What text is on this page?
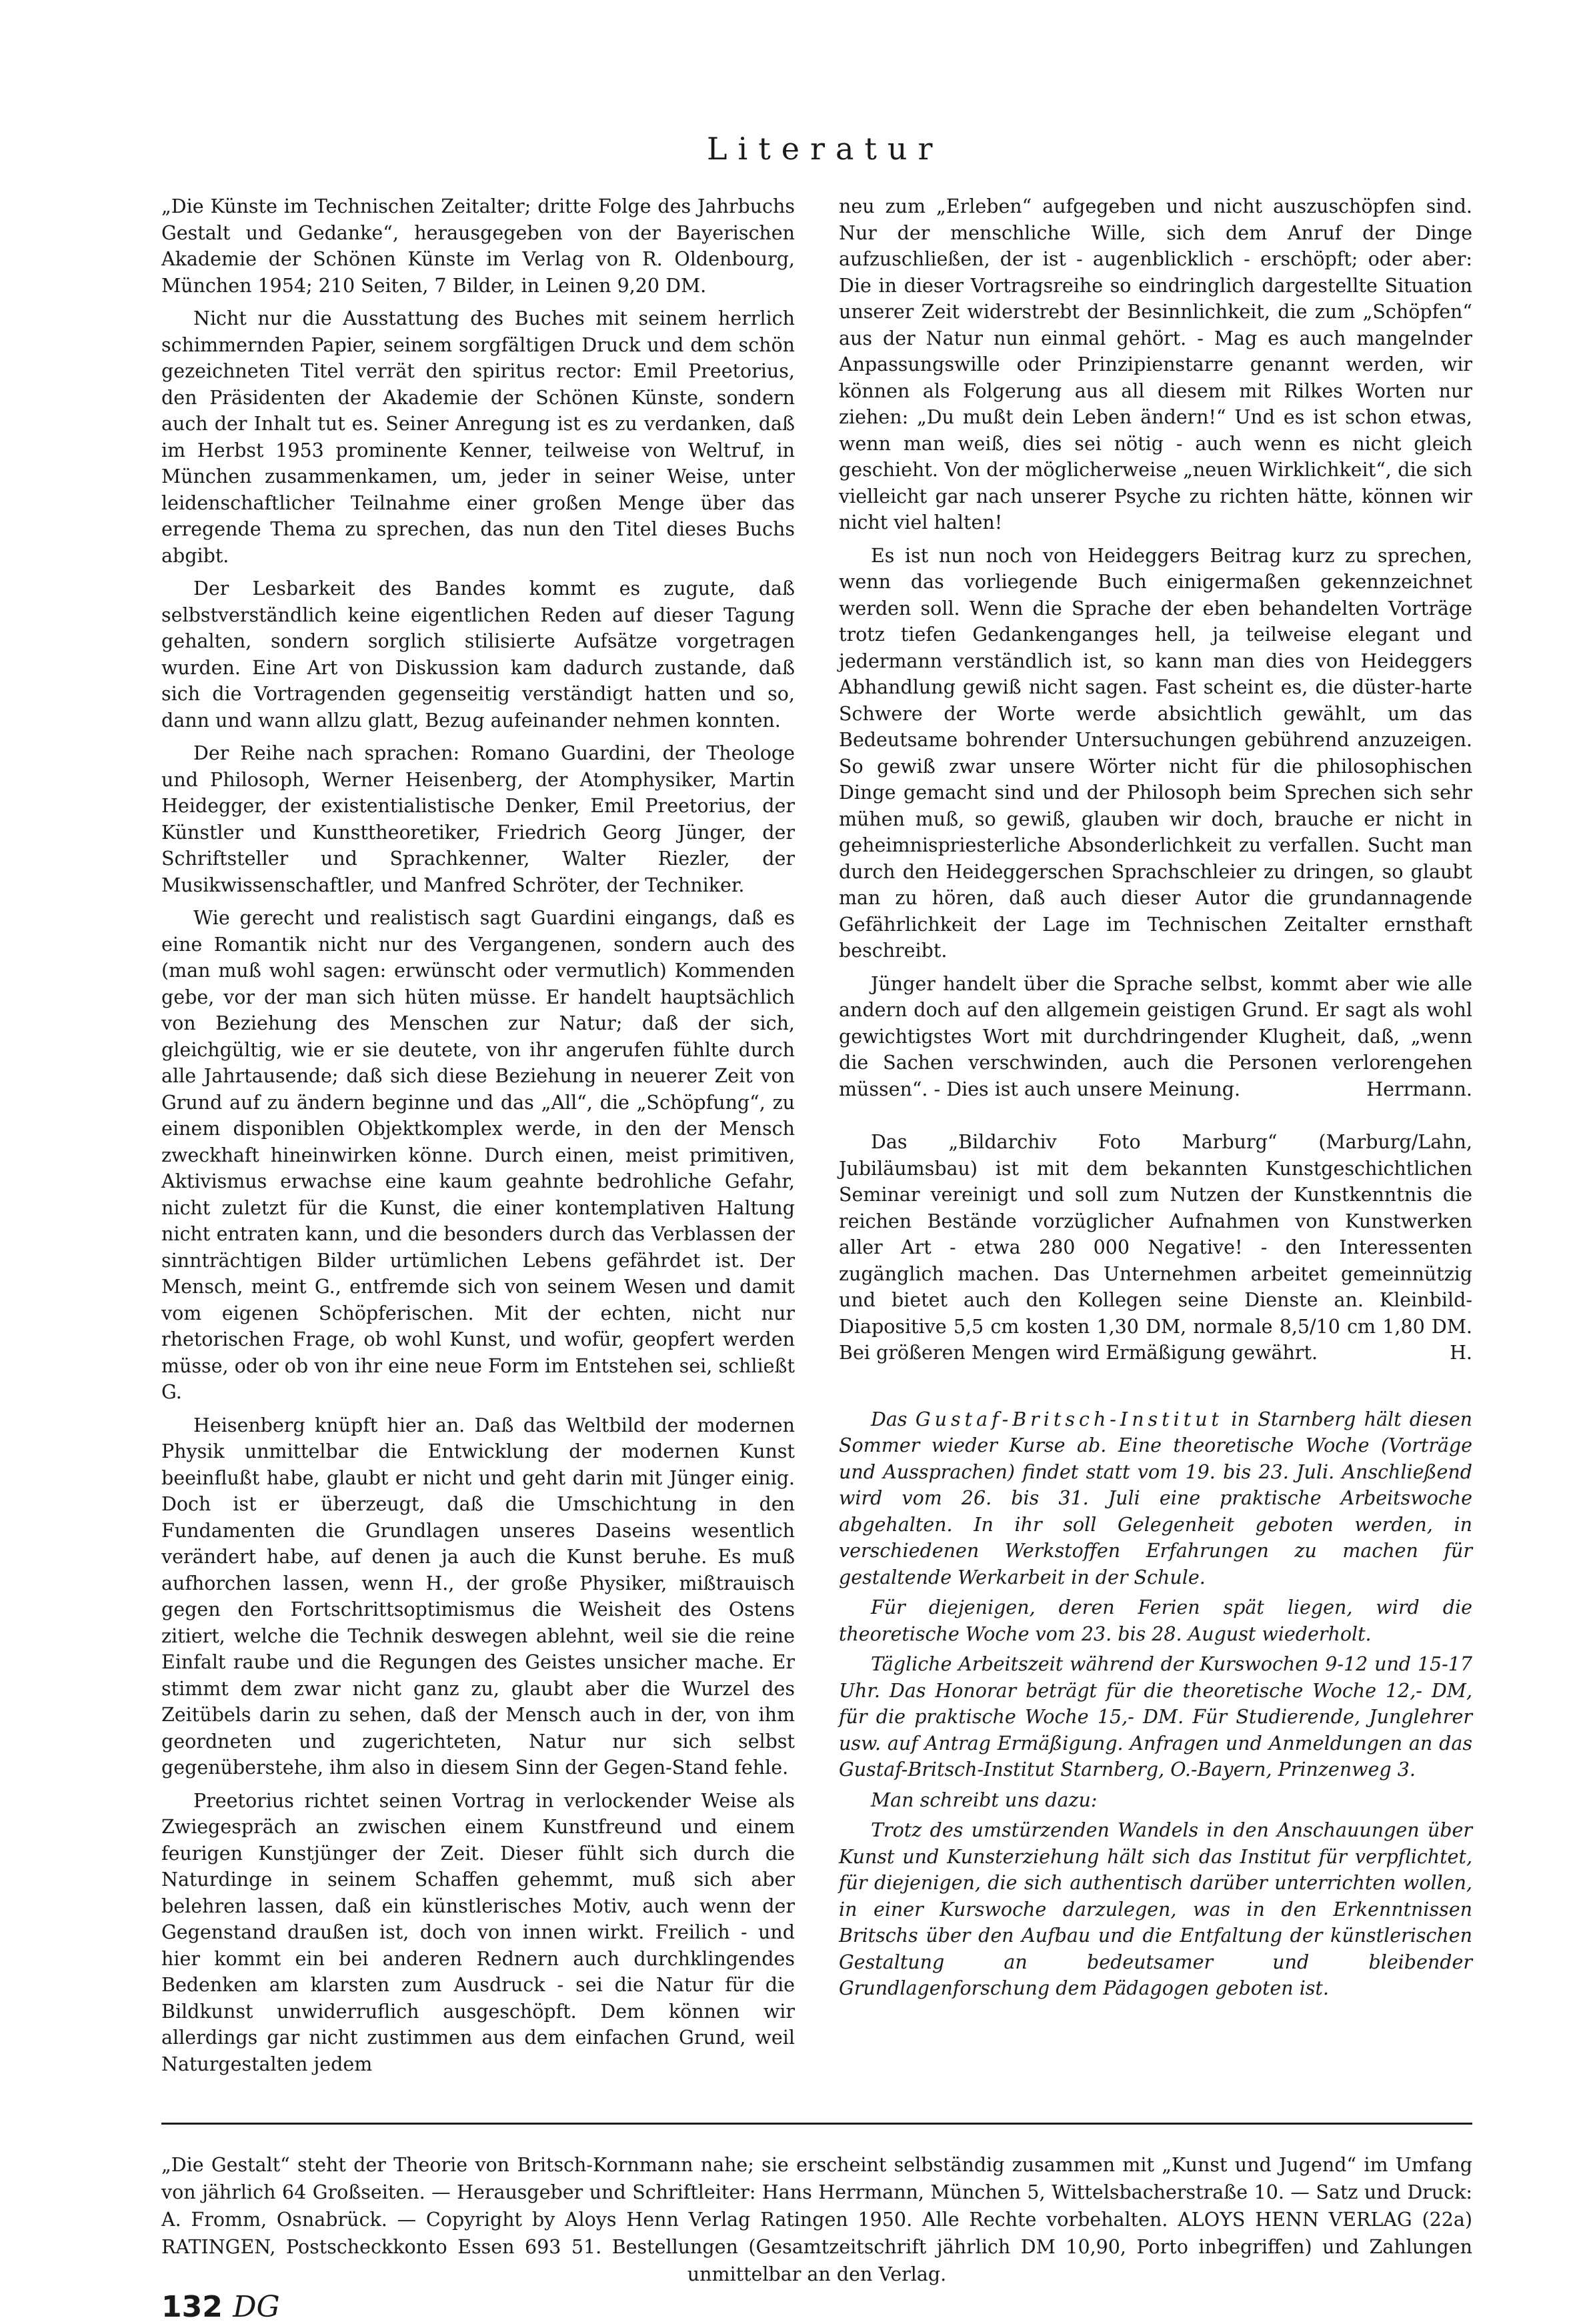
Literatur

„Die Künste im Technischen Zeitalter; dritte Folge des Jahrbuchs Gestalt und Gedanke“, herausgegeben von der Bayerischen Akademie der Schönen Künste im Verlag von R. Oldenbourg, München 1954; 210 Seiten, 7 Bilder, in Leinen 9,20 DM.

Nicht nur die Ausstattung des Buches mit seinem herrlich schimmernden Papier, seinem sorgfältigen Druck und dem schön gezeichneten Titel verrät den spiritus rector: Emil Preetorius, den Präsidenten der Akademie der Schönen Künste, sondern auch der Inhalt tut es. Seiner Anregung ist es zu verdanken, daß im Herbst 1953 prominente Kenner, teilweise von Weltruf, in München zusammenkamen, um, jeder in seiner Weise, unter leidenschaftlicher Teilnahme einer großen Menge über das erregende Thema zu sprechen, das nun den Titel dieses Buchs abgibt.

Der Lesbarkeit des Bandes kommt es zugute, daß selbstverständlich keine eigentlichen Reden auf dieser Tagung gehalten, sondern sorglich stilisierte Aufsätze vorgetragen wurden. Eine Art von Diskussion kam dadurch zustande, daß sich die Vortragenden gegenseitig verständigt hatten und so, dann und wann allzu glatt, Bezug aufeinander nehmen konnten.

Der Reihe nach sprachen: Romano Guardini, der Theologe und Philosoph, Werner Heisenberg, der Atomphysiker, Martin Heidegger, der existentialistische Denker, Emil Preetorius, der Künstler und Kunsttheoretiker, Friedrich Georg Jünger, der Schriftsteller und Sprachkenner, Walter Riezler, der Musikwissenschaftler, und Manfred Schröter, der Techniker.

Wie gerecht und realistisch sagt Guardini eingangs, daß es eine Romantik nicht nur des Vergangenen, sondern auch des (man muß wohl sagen: erwünscht oder vermutlich) Kommenden gebe, vor der man sich hüten müsse. Er handelt hauptsächlich von Beziehung des Menschen zur Natur; daß der sich, gleichgültig, wie er sie deutete, von ihr angerufen fühlte durch alle Jahrtausende; daß sich diese Beziehung in neuerer Zeit von Grund auf zu ändern beginne und das „All“, die „Schöpfung“, zu einem disponiblen Objektkomplex werde, in den der Mensch zweckhaft hineinwirken könne. Durch einen, meist primitiven, Aktivismus erwachse eine kaum geahnte bedrohliche Gefahr, nicht zuletzt für die Kunst, die einer kontemplativen Haltung nicht entraten kann, und die besonders durch das Verblassen der sinnträchtigen Bilder urtümlichen Lebens gefährdet ist. Der Mensch, meint G., entfremde sich von seinem Wesen und damit vom eigenen Schöpferischen. Mit der echten, nicht nur rhetorischen Frage, ob wohl Kunst, und wofür, geopfert werden müsse, oder ob von ihr eine neue Form im Entstehen sei, schließt G.

Heisenberg knüpft hier an. Daß das Weltbild der modernen Physik unmittelbar die Entwicklung der modernen Kunst beeinflußt habe, glaubt er nicht und geht darin mit Jünger einig. Doch ist er überzeugt, daß die Umschichtung in den Fundamenten die Grundlagen unseres Daseins wesentlich verändert habe, auf denen ja auch die Kunst beruhe. Es muß aufhorchen lassen, wenn H., der große Physiker, mißtrauisch gegen den Fortschrittsoptimismus die Weisheit des Ostens zitiert, welche die Technik deswegen ablehnt, weil sie die reine Einfalt raube und die Regungen des Geistes unsicher mache. Er stimmt dem zwar nicht ganz zu, glaubt aber die Wurzel des Zeitübels darin zu sehen, daß der Mensch auch in der, von ihm geordneten und zugerichteten, Natur nur sich selbst gegenüberstehe, ihm also in diesem Sinn der Gegen-Stand fehle.

Preetorius richtet seinen Vortrag in verlockender Weise als Zwiegespräch an zwischen einem Kunstfreund und einem feurigen Kunstjünger der Zeit. Dieser fühlt sich durch die Naturdinge in seinem Schaffen gehemmt, muß sich aber belehren lassen, daß ein künstlerisches Motiv, auch wenn der Gegenstand draußen ist, doch von innen wirkt. Freilich - und hier kommt ein bei anderen Rednern auch durchklingendes Bedenken am klarsten zum Ausdruck - sei die Natur für die Bildkunst unwiderruflich ausgeschöpft. Dem können wir allerdings gar nicht zustimmen aus dem einfachen Grund, weil Naturgestalten jedem

neu zum „Erleben“ aufgegeben und nicht auszuschöpfen sind. Nur der menschliche Wille, sich dem Anruf der Dinge aufzuschließen, der ist - augenblicklich - erschöpft; oder aber: Die in dieser Vortragsreihe so eindringlich dargestellte Situation unserer Zeit widerstrebt der Besinnlichkeit, die zum „Schöpfen“ aus der Natur nun einmal gehört. - Mag es auch mangelnder Anpassungswille oder Prinzipienstarre genannt werden, wir können als Folgerung aus all diesem mit Rilkes Worten nur ziehen: „Du mußt dein Leben ändern!“ Und es ist schon etwas, wenn man weiß, dies sei nötig - auch wenn es nicht gleich geschieht. Von der möglicherweise „neuen Wirklichkeit“, die sich vielleicht gar nach unserer Psyche zu richten hätte, können wir nicht viel halten!

Es ist nun noch von Heideggers Beitrag kurz zu sprechen, wenn das vorliegende Buch einigermaßen gekennzeichnet werden soll. Wenn die Sprache der eben behandelten Vorträge trotz tiefen Gedankenganges hell, ja teilweise elegant und jedermann verständlich ist, so kann man dies von Heideggers Abhandlung gewiß nicht sagen. Fast scheint es, die düster-harte Schwere der Worte werde absichtlich gewählt, um das Bedeutsame bohrender Untersuchungen gebührend anzuzeigen. So gewiß zwar unsere Wörter nicht für die philosophischen Dinge gemacht sind und der Philosoph beim Sprechen sich sehr mühen muß, so gewiß, glauben wir doch, brauche er nicht in geheimnispriesterliche Absonderlichkeit zu verfallen. Sucht man durch den Heideggerschen Sprachschleier zu dringen, so glaubt man zu hören, daß auch dieser Autor die grundannagende Gefährlichkeit der Lage im Technischen Zeitalter ernsthaft beschreibt.

Jünger handelt über die Sprache selbst, kommt aber wie alle andern doch auf den allgemein geistigen Grund. Er sagt als wohl gewichtigstes Wort mit durchdringender Klugheit, daß, „wenn die Sachen verschwinden, auch die Personen verlorengehen müssen“. - Dies ist auch unsere Meinung.	Herrmann.

Das „Bildarchiv Foto Marburg“ (Marburg/Lahn, Jubiläumsbau) ist mit dem bekannten Kunstgeschichtlichen Seminar vereinigt und soll zum Nutzen der Kunstkenntnis die reichen Bestände vorzüglicher Aufnahmen von Kunstwerken aller Art - etwa 280 000 Negative! - den Interessenten zugänglich machen. Das Unternehmen arbeitet gemeinnützig und bietet auch den Kollegen seine Dienste an. Kleinbild-Diapositive 5,5 cm kosten 1,30 DM, normale 8,5/10 cm 1,80 DM. Bei größeren Mengen wird Ermäßigung gewährt.	H.

Das Gustaf-Britsch-Institut in Starnberg hält diesen Sommer wieder Kurse ab. Eine theoretische Woche (Vorträge und Aussprachen) findet statt vom 19. bis 23. Juli. Anschließend wird vom 26. bis 31. Juli eine praktische Arbeitswoche abgehalten. In ihr soll Gelegenheit geboten werden, in verschiedenen Werkstoffen Erfahrungen zu machen für gestaltende Werkarbeit in der Schule.

Für diejenigen, deren Ferien spät liegen, wird die theoretische Woche vom 23. bis 28. August wiederholt.

Tägliche Arbeitszeit während der Kurswochen 9-12 und 15-17 Uhr. Das Honorar beträgt für die theoretische Woche 12,- DM, für die praktische Woche 15,- DM. Für Studierende, Junglehrer usw. auf Antrag Ermäßigung. Anfragen und Anmeldungen an das Gustaf-Britsch-Institut Starnberg, O.-Bayern, Prinzenweg 3.

Man schreibt uns dazu:

Trotz des umstürzenden Wandels in den Anschauungen über Kunst und Kunsterziehung hält sich das Institut für verpflichtet, für diejenigen, die sich authentisch darüber unterrichten wollen, in einer Kurswoche darzulegen, was in den Erkenntnissen Britschs über den Aufbau und die Entfaltung der künstlerischen Gestaltung an bedeutsamer und bleibender Grundlagenforschung dem Pädagogen geboten ist.

„Die Gestalt“ steht der Theorie von Britsch-Kornmann nahe; sie erscheint selbständig zusammen mit „Kunst und Jugend“ im Umfang von jährlich 64 Großseiten. — Herausgeber und Schriftleiter: Hans Herrmann, München 5, Wittelsbacherstraße 10. — Satz und Druck: A. Fromm, Osnabrück. — Copyright by Aloys Henn Verlag Ratingen 1950. Alle Rechte vorbehalten. ALOYS HENN VERLAG (22a) RATINGEN, Postscheckkonto Essen 693 51. Bestellungen (Gesamtzeitschrift jährlich DM 10,90, Porto inbegriffen) und Zahlungen unmittelbar an den Verlag.
132 DG
